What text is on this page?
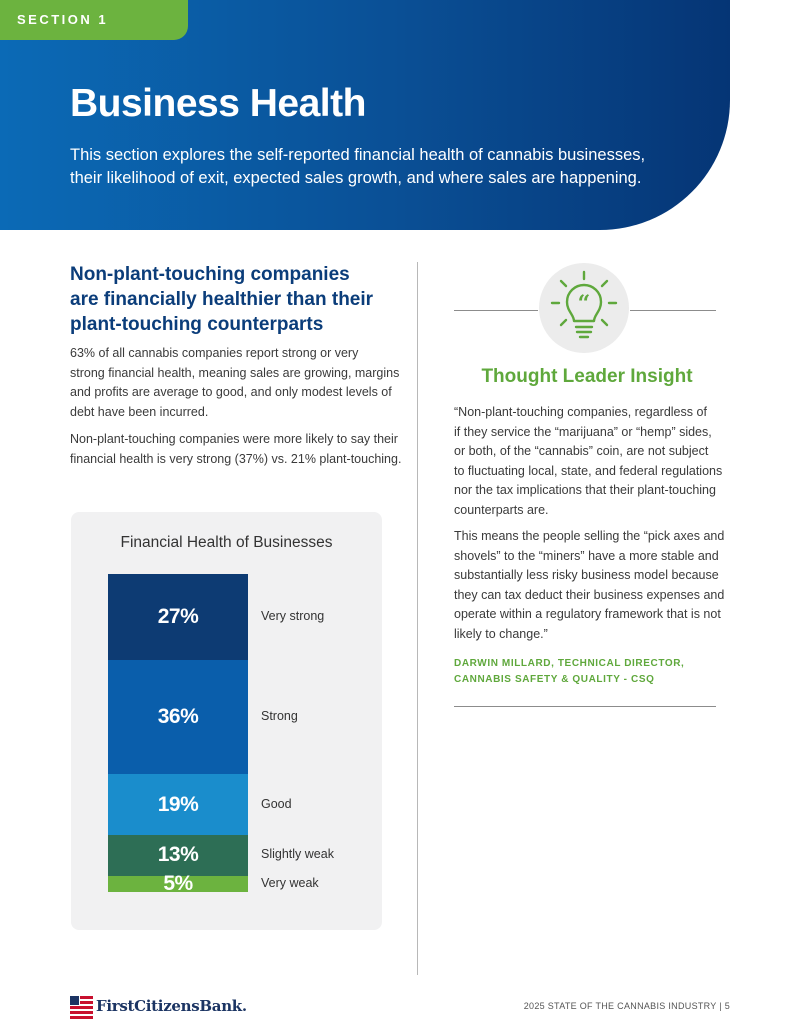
SECTION 1
Business Health

This section explores the self-reported financial health of cannabis businesses,
their likelihood of exit, expected sales growth, and where sales are happening.

Non-plant-touching companies
are financially healthier than their
plant-touching counterparts

63% of all cannabis companies report strong or very
strong financial health, meaning sales are growing, margins
and profits are average to good, and only modest levels of
debt have been incurred.

Non-plant-touching companies were more likely to say their
financial health is very strong (37%) vs. 21% plant-touching.

Financial Health of Businesses
27%	Very strong
36%	Strong
19%	Good
13%	Slightly weak
5%	Very weak
“
Thought Leader Insight

“Non-plant-touching companies, regardless of
if they service the “marijuana” or “hemp” sides,
or both, of the “cannabis” coin, are not subject
to fluctuating local, state, and federal regulations
nor the tax implications that their plant-touching
counterparts are.

This means the people selling the “pick axes and
shovels” to the “miners” have a more stable and
substantially less risky business model because
they can tax deduct their business expenses and
operate within a regulatory framework that is not
likely to change.”

DARWIN MILLARD, TECHNICAL DIRECTOR,
CANNABIS SAFETY & QUALITY - CSQ

FirstCitizensBank.	2025 STATE OF THE CANNABIS INDUSTRY | 5
